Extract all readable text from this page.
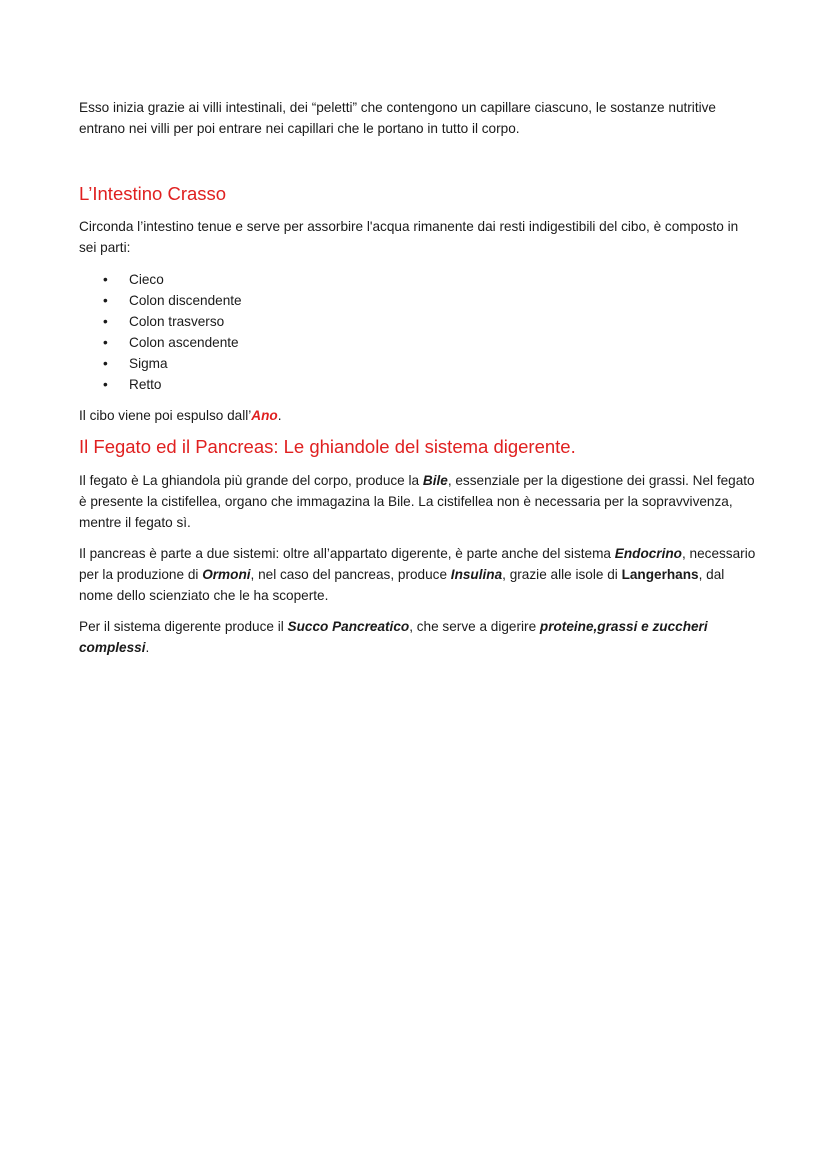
Esso inizia grazie ai villi intestinali, dei “peletti” che contengono un capillare ciascuno, le sostanze nutritive entrano nei villi per poi entrare nei capillari che le portano in tutto il corpo.

L’Intestino Crasso

Circonda l’intestino tenue e serve per assorbire l'acqua rimanente dai resti indigestibili del cibo, è composto in sei parti:

• Cieco
• Colon discendente
• Colon trasverso
• Colon ascendente
• Sigma
• Retto

Il cibo viene poi espulso dall’Ano.

Il Fegato ed il Pancreas: Le ghiandole del sistema digerente.

Il fegato è La ghiandola più grande del corpo, produce la Bile, essenziale per la digestione dei grassi. Nel fegato è presente la cistifellea, organo che immagazina la Bile. La cistifellea non è necessaria per la sopravvivenza, mentre il fegato sì.

Il pancreas è parte a due sistemi: oltre all’appartato digerente, è parte anche del sistema Endocrino, necessario per la produzione di Ormoni, nel caso del pancreas, produce Insulina, grazie alle isole di Langerhans, dal nome dello scienziato che le ha scoperte.

Per il sistema digerente produce il Succo Pancreatico, che serve a digerire proteine,grassi e zuccheri complessi.
